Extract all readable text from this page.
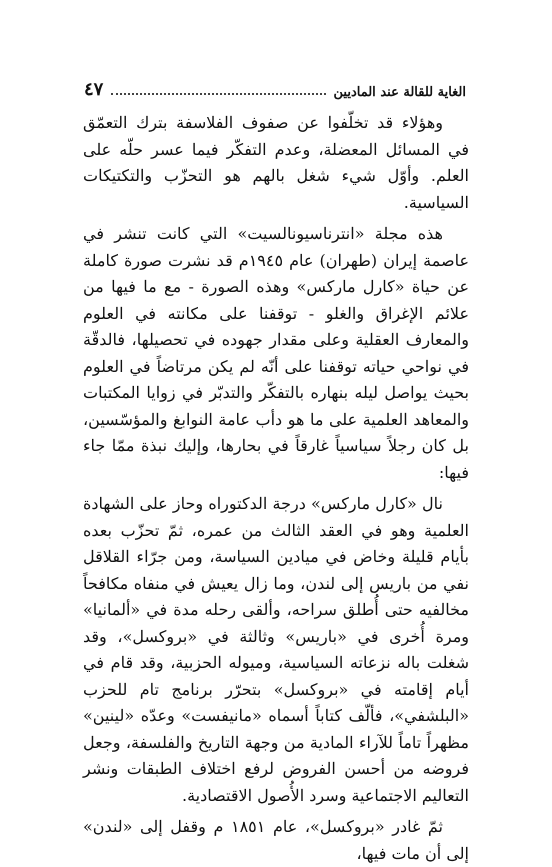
الغاية للقالة عند الماديين
٤٧

وهؤلاء قد تخلّفوا عن صفوف الفلاسفة بترك التعمّق في المسائل المعضلة، وعدم التفكّر فيما عسر حلّه على العلم. وأوّل شيء شغل بالهم هو التحزّب والتكتيكات السياسية.

هذه مجلة «انترناسيونالسيت» التي كانت تنشر في عاصمة إيران (طهران) عام ١٩٤٥م قد نشرت صورة كاملة عن حياة «كارل ماركس» وهذه الصورة - مع ما فيها من علائم الإغراق والغلو - توقفنا على مكانته في العلوم والمعارف العقلية وعلى مقدار جهوده في تحصيلها، فالدقّة في نواحي حياته توقفنا على أنّه لم يكن مرتاضاً في العلوم بحيث يواصل ليله بنهاره بالتفكّر والتدبّر في زوايا المكتبات والمعاهد العلمية على ما هو دأب عامة النوابغ والمؤسّسين، بل كان رجلاً سياسياً غارقاً في بحارها، وإليك نبذة ممّا جاء فيها:

نال «كارل ماركس» درجة الدكتوراه وحاز على الشهادة العلمية وهو في العقد الثالث من عمره، ثمّ تحزّب بعده بأيام قليلة وخاض في ميادين السياسة، ومن جرّاء القلاقل نفي من باريس إلى لندن، وما زال يعيش في منفاه مكافحاً مخالفيه حتى أُطلق سراحه، وألقى رحله مدة في «ألمانيا» ومرة أُخرى في «باريس» وثالثة في «بروكسل»، وقد شغلت باله نزعاته السياسية، وميوله الحزبية، وقد قام في أيام إقامته في «بروكسل» بتحرّر برنامج تام للحزب «البلشفي»، فألّف كتاباً أسماه «مانيفست» وعدّه «لينين» مظهراً تاماً للآراء المادية من وجهة التاريخ والفلسفة، وجعل فروضه من أحسن الفروض لرفع اختلاف الطبقات ونشر التعاليم الاجتماعية وسرد الأُصول الاقتصادية.

ثمّ غادر «بروكسل»، عام ١٨٥١ م وقفل إلى «لندن» إلى أن مات فيها،
